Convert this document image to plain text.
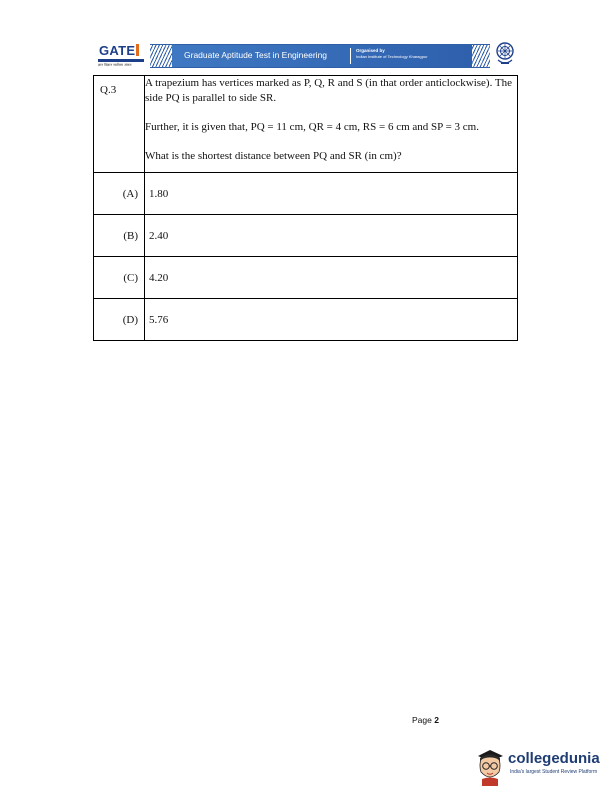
GATE
ज्ञान विज्ञान सर्वोत्तम अंकन
Graduate Aptitude Test in Engineering	Organised by
Indian Institute of Technology Kharagpur
Q.3	A trapezium has vertices marked as P, Q, R and S (in that order anticlockwise). The side PQ is parallel to side SR.

Further, it is given that, PQ = 11 cm, QR = 4 cm, RS = 6 cm and SP = 3 cm.

What is the shortest distance between PQ and SR (in cm)?

(A)	1.80

(B)	2.40

(C)	4.20

(D)	5.76
Page 2
collegedunia
India's largest Student Review Platform
